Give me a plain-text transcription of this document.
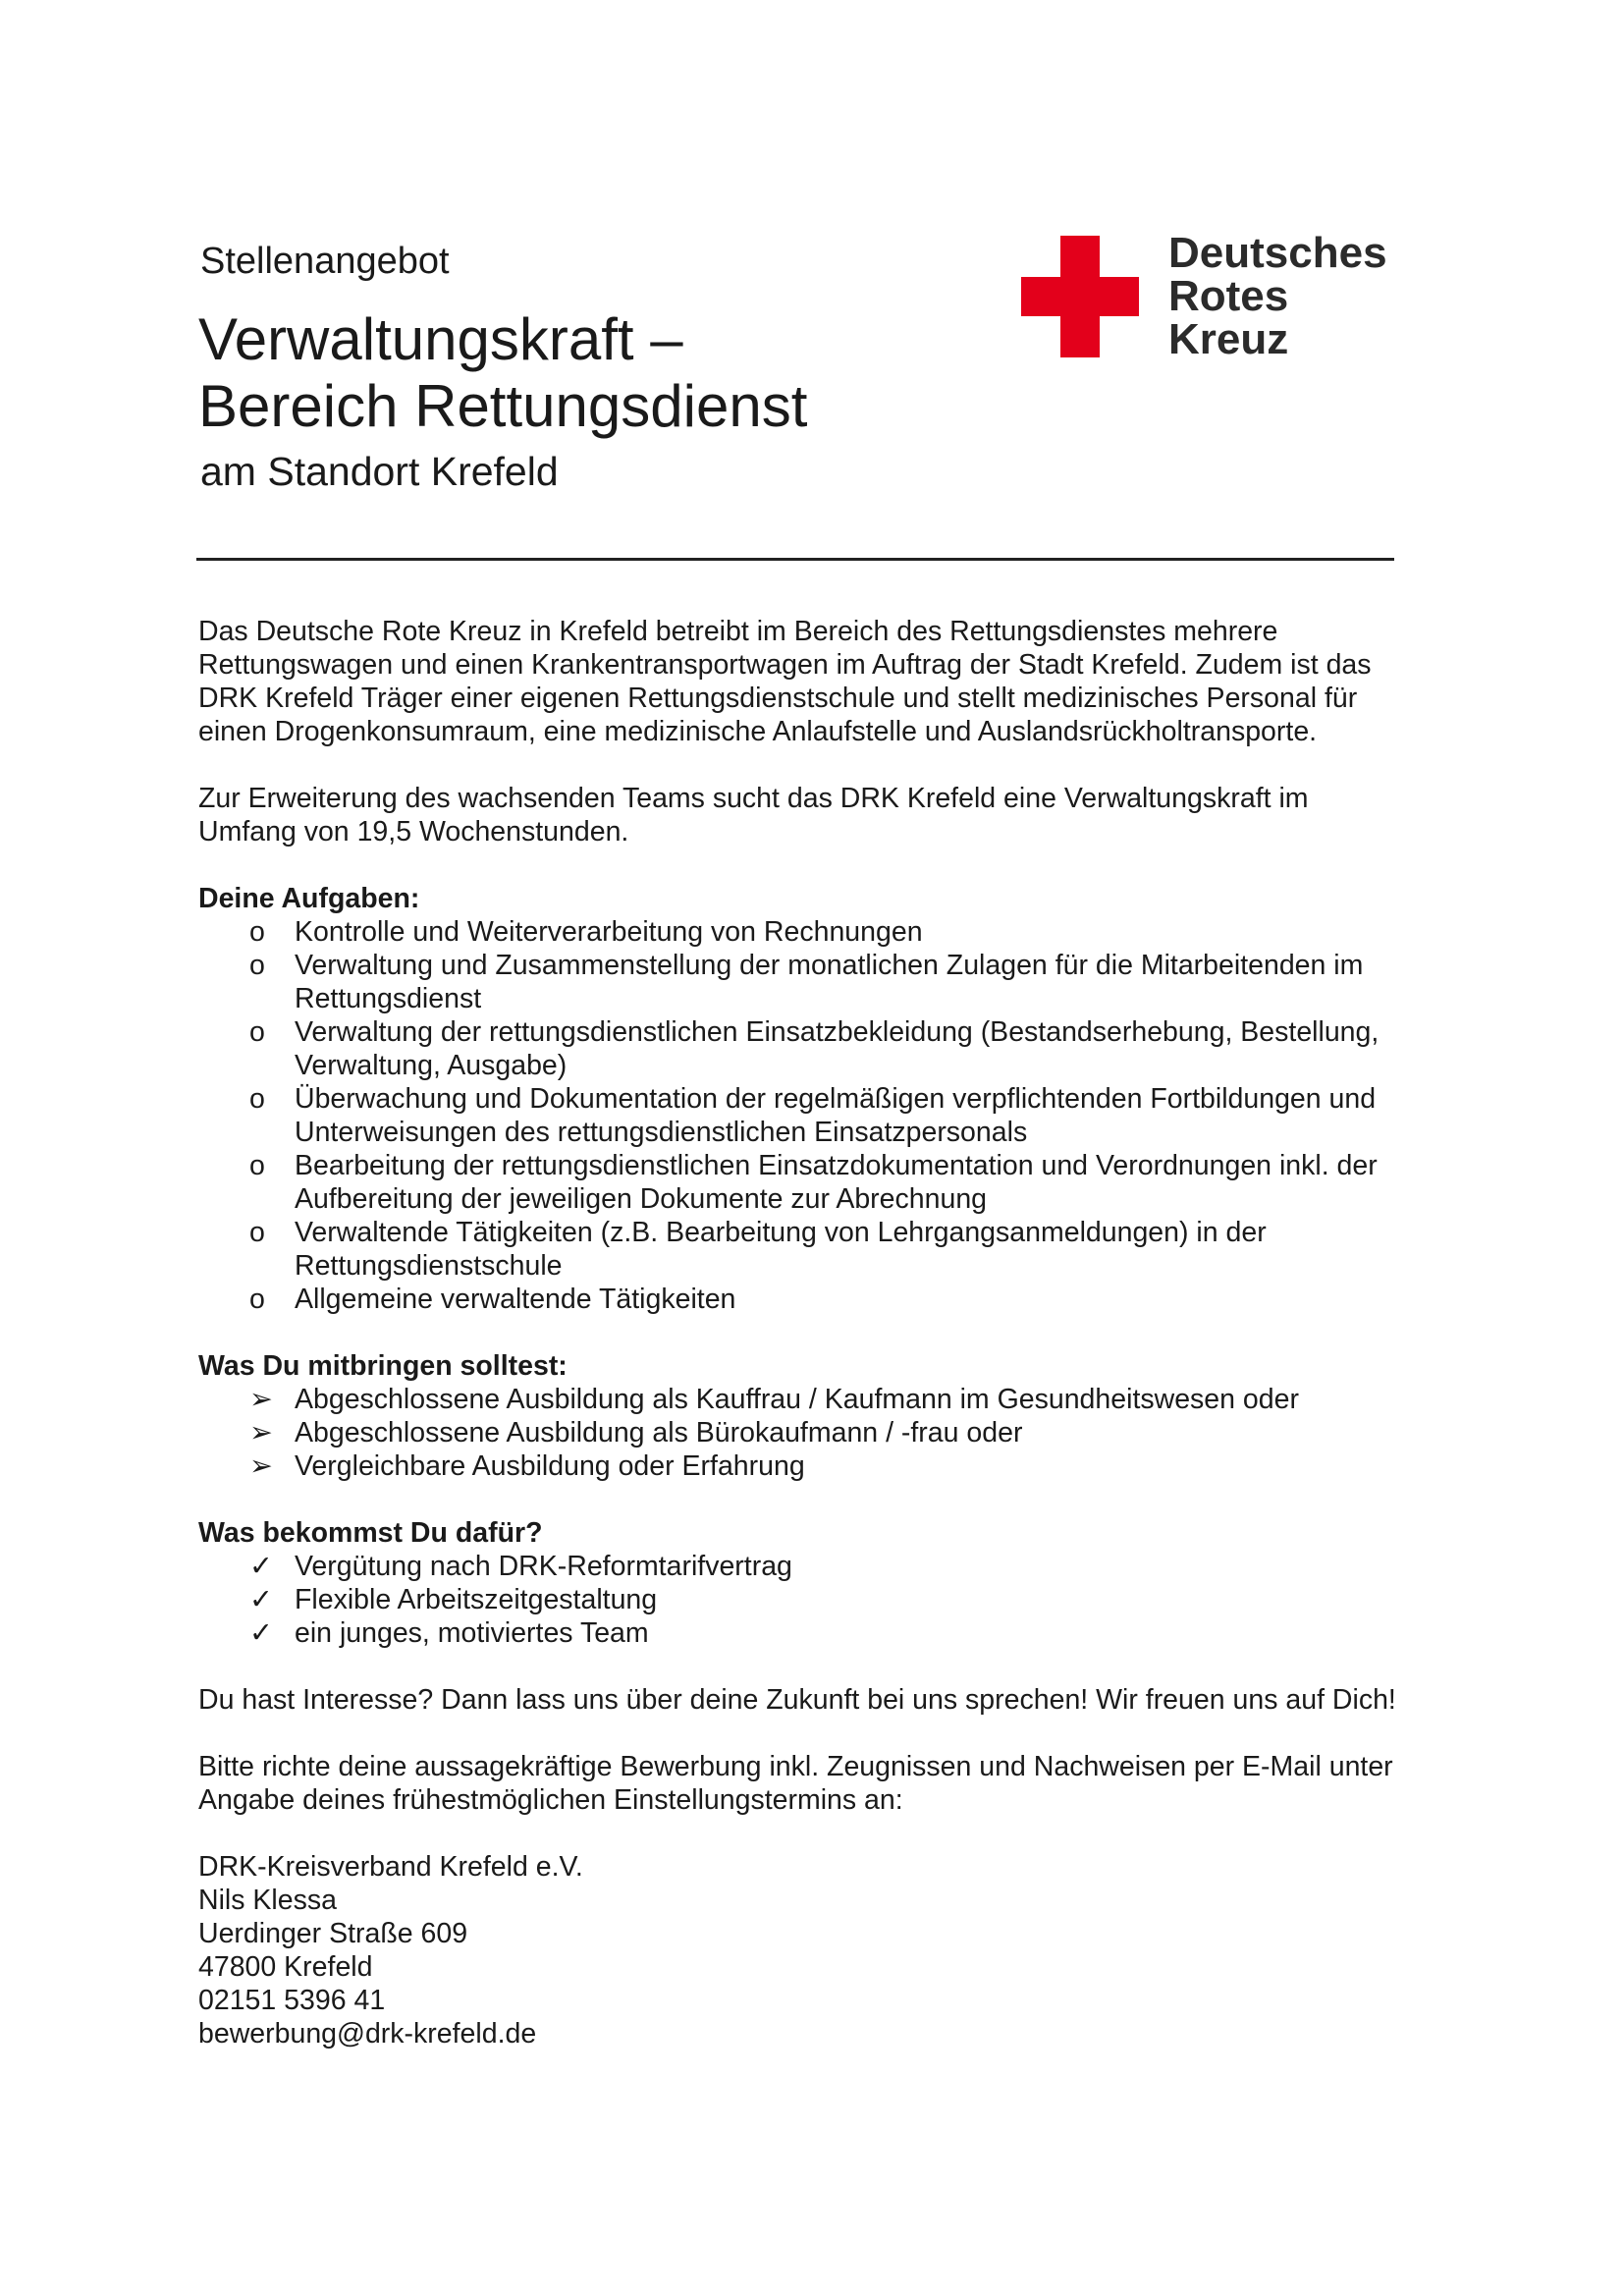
Stellenangebot
Verwaltungskraft –
Bereich Rettungsdienst
am Standort Krefeld
Deutsches
Rotes
Kreuz

Das Deutsche Rote Kreuz in Krefeld betreibt im Bereich des Rettungsdienstes mehrere Rettungswagen und einen Krankentransportwagen im Auftrag der Stadt Krefeld. Zudem ist das DRK Krefeld Träger einer eigenen Rettungsdienstschule und stellt medizinisches Personal für einen Drogenkonsumraum, eine medizinische Anlaufstelle und Auslandsrückholtransporte.

Zur Erweiterung des wachsenden Teams sucht das DRK Krefeld eine Verwaltungskraft im Umfang von 19,5 Wochenstunden.

Deine Aufgaben:
o	Kontrolle und Weiterverarbeitung von Rechnungen
o	Verwaltung und Zusammenstellung der monatlichen Zulagen für die Mitarbeitenden im Rettungsdienst
o	Verwaltung der rettungsdienstlichen Einsatzbekleidung (Bestandserhebung, Bestellung, Verwaltung, Ausgabe)
o	Überwachung und Dokumentation der regelmäßigen verpflichtenden Fortbildungen und Unterweisungen des rettungsdienstlichen Einsatzpersonals
o	Bearbeitung der rettungsdienstlichen Einsatzdokumentation und Verordnungen inkl. der Aufbereitung der jeweiligen Dokumente zur Abrechnung
o	Verwaltende Tätigkeiten (z.B. Bearbeitung von Lehrgangsanmeldungen) in der Rettungsdienstschule
o	Allgemeine verwaltende Tätigkeiten
Was Du mitbringen solltest:
➢ Abgeschlossene Ausbildung als Kauffrau / Kaufmann im Gesundheitswesen oder
➢ Abgeschlossene Ausbildung als Bürokaufmann / -frau oder
➢ Vergleichbare Ausbildung oder Erfahrung
Was bekommst Du dafür?
✓ Vergütung nach DRK-Reformtarifvertrag
✓ Flexible Arbeitszeitgestaltung
✓ ein junges, motiviertes Team

Du hast Interesse? Dann lass uns über deine Zukunft bei uns sprechen! Wir freuen uns auf Dich!

Bitte richte deine aussagekräftige Bewerbung inkl. Zeugnissen und Nachweisen per E-Mail unter Angabe deines frühestmöglichen Einstellungstermins an:

DRK-Kreisverband Krefeld e.V.
Nils Klessa
Uerdinger Straße 609
47800 Krefeld
02151 5396 41
bewerbung@drk-krefeld.de
